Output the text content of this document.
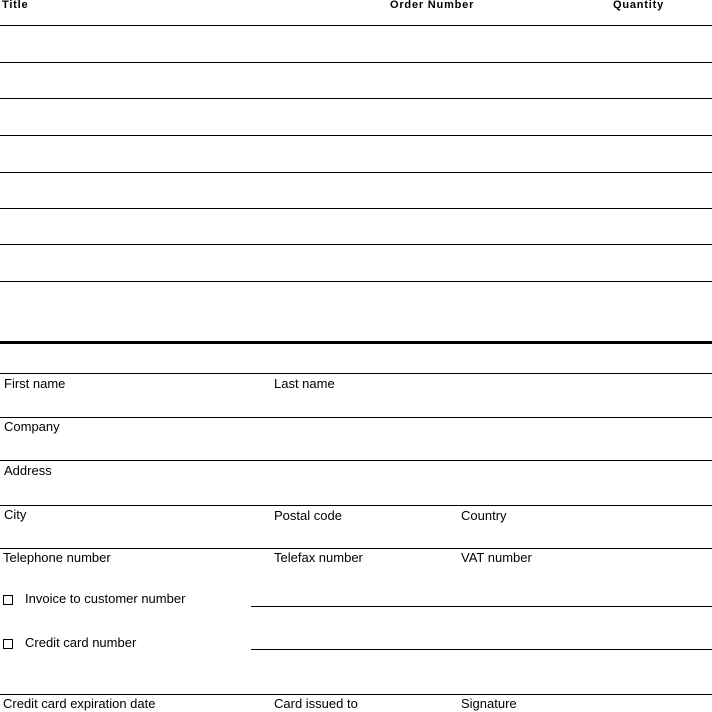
Title	Order Number	Quantity
First name	Last name
Company
Address
City	Postal code	Country
Telephone number	Telefax number	VAT number
Invoice to customer number
Credit card number
Credit card expiration date	Card issued to	Signature
